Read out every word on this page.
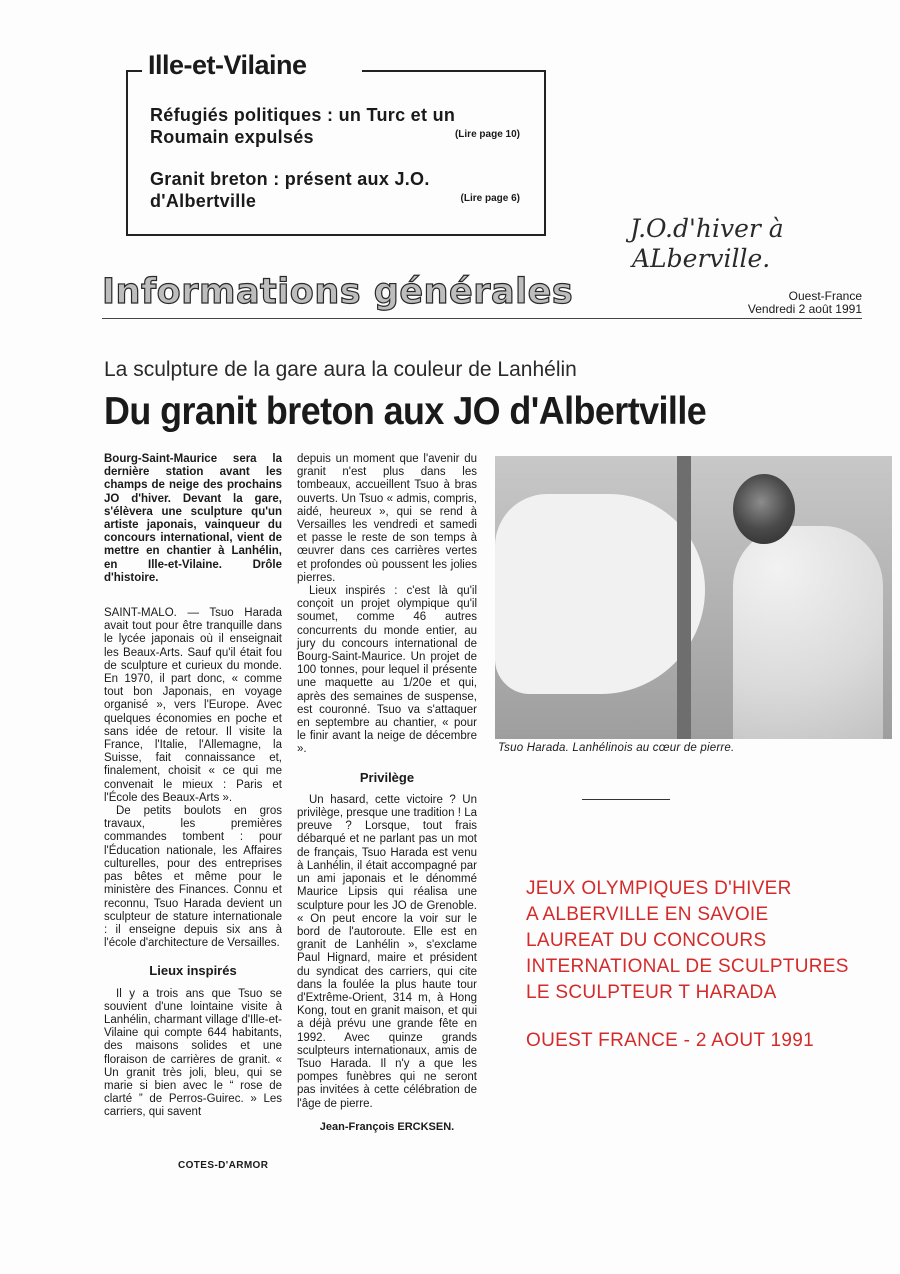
Ille-et-Vilaine
Réfugiés politiques : un Turc et un Roumain expulsés	(Lire page 10)
Granit breton : présent aux J.O. d'Albertville	(Lire page 6)
J.O.d'hiver à
ALberville.
Informations générales	Ouest-France
Vendredi 2 août 1991
La sculpture de la gare aura la couleur de Lanhélin
Du granit breton aux JO d'Albertville

Bourg-Saint-Maurice sera la dernière station avant les champs de neige des prochains JO d'hiver. Devant la gare, s'élèvera une sculpture qu'un artiste japonais, vainqueur du concours international, vient de mettre en chantier à Lanhélin, en Ille-et-Vilaine. Drôle d'histoire.

SAINT-MALO. — Tsuo Harada avait tout pour être tranquille dans le lycée japonais où il enseignait les Beaux-Arts. Sauf qu'il était fou de sculpture et curieux du monde. En 1970, il part donc, « comme tout bon Japonais, en voyage organisé », vers l'Europe. Avec quelques économies en poche et sans idée de retour. Il visite la France, l'Italie, l'Allemagne, la Suisse, fait connaissance et, finalement, choisit « ce qui me convenait le mieux : Paris et l'École des Beaux-Arts ».

De petits boulots en gros travaux, les premières commandes tombent : pour l'Éducation nationale, les Affaires culturelles, pour des entreprises pas bêtes et même pour le ministère des Finances. Connu et reconnu, Tsuo Harada devient un sculpteur de stature internationale : il enseigne depuis six ans à l'école d'architecture de Versailles.

Lieux inspirés

Il y a trois ans que Tsuo se souvient d'une lointaine visite à Lanhélin, charmant village d'Ille-et-Vilaine qui compte 644 habitants, des maisons solides et une floraison de carrières de granit. « Un granit très joli, bleu, qui se marie si bien avec le “ rose de clarté ” de Perros-Guirec. » Les carriers, qui savent

COTES-D'ARMOR

depuis un moment que l'avenir du granit n'est plus dans les tombeaux, accueillent Tsuo à bras ouverts. Un Tsuo « admis, compris, aidé, heureux », qui se rend à Versailles les vendredi et samedi et passe le reste de son temps à œuvrer dans ces carrières vertes et profondes où poussent les jolies pierres.

Lieux inspirés : c'est là qu'il conçoit un projet olympique qu'il soumet, comme 46 autres concurrents du monde entier, au jury du concours international de Bourg-Saint-Maurice. Un projet de 100 tonnes, pour lequel il présente une maquette au 1/20e et qui, après des semaines de suspense, est couronné. Tsuo va s'attaquer en septembre au chantier, « pour le finir avant la neige de décembre ».

Privilège

Un hasard, cette victoire ? Un privilège, presque une tradition ! La preuve ? Lorsque, tout frais débarqué et ne parlant pas un mot de français, Tsuo Harada est venu à Lanhélin, il était accompagné par un ami japonais et le dénommé Maurice Lipsis qui réalisa une sculpture pour les JO de Grenoble. « On peut encore la voir sur le bord de l'autoroute. Elle est en granit de Lanhélin », s'exclame Paul Hignard, maire et président du syndicat des carriers, qui cite dans la foulée la plus haute tour d'Extrême-Orient, 314 m, à Hong Kong, tout en granit maison, et qui a déjà prévu une grande fête en 1992. Avec quinze grands sculpteurs internationaux, amis de Tsuo Harada. Il n'y a que les pompes funèbres qui ne seront pas invitées à cette célébration de l'âge de pierre.

Jean-François ERCKSEN.

Tsuo Harada. Lanhélinois au cœur de pierre.
JEUX OLYMPIQUES D'HIVER
A ALBERVILLE EN SAVOIE
LAUREAT DU CONCOURS
INTERNATIONAL DE SCULPTURES
LE SCULPTEUR T HARADA
OUEST FRANCE - 2 AOUT 1991
